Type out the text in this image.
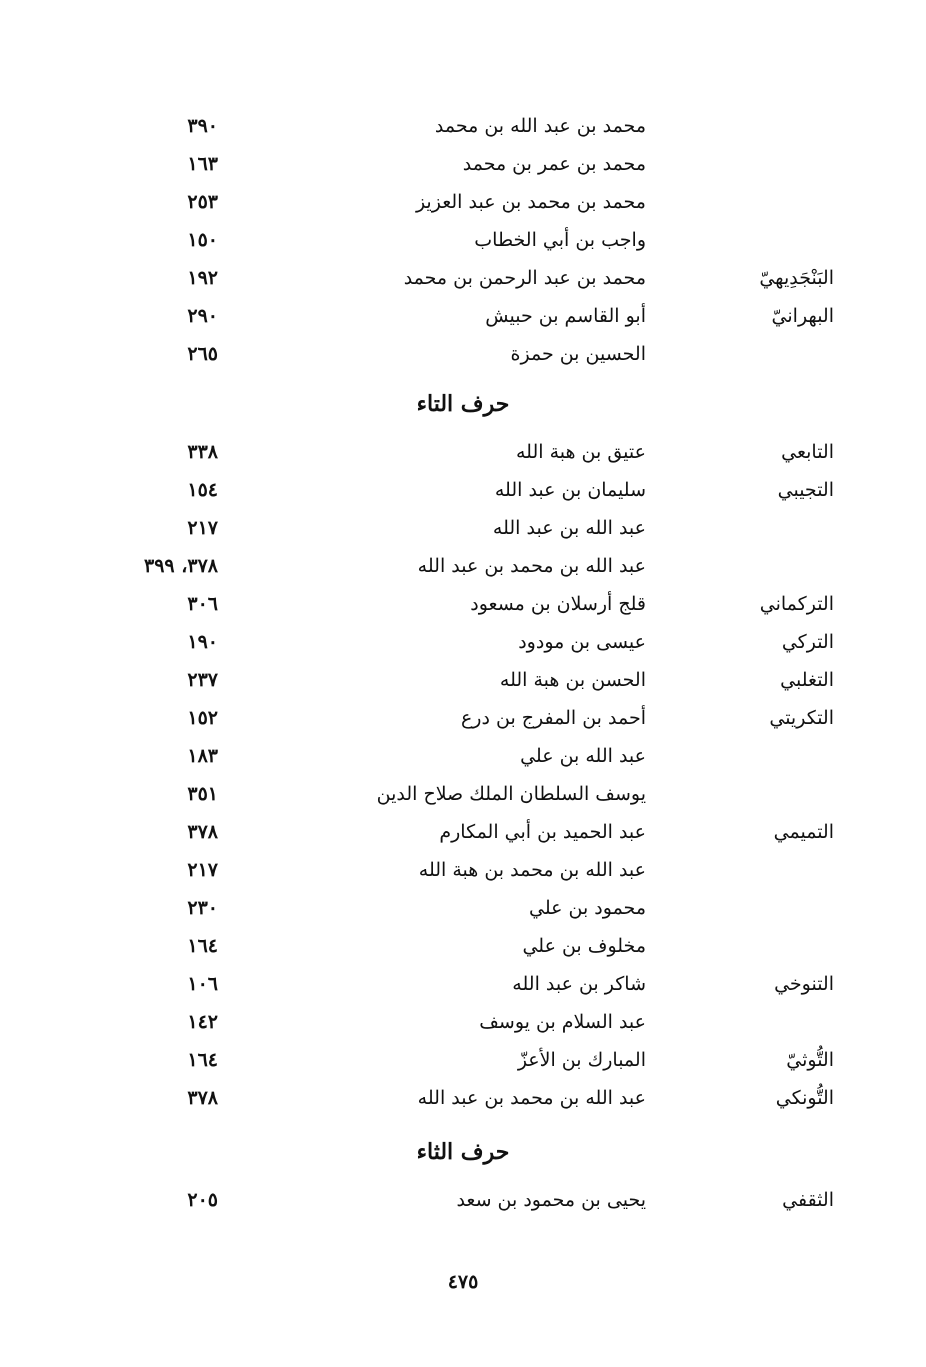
محمد بن عبد الله بن محمد
٣٩٠
محمد بن عمر بن محمد
١٦٣
محمد بن محمد بن عبد العزيز
٢٥٣
واجب بن أبي الخطاب
١٥٠
البَنْجَدِيهيّ
محمد بن عبد الرحمن بن محمد
١٩٢
البهرانيّ
أبو القاسم بن حبيش
٢٩٠
الحسين بن حمزة
٢٦٥
حرف التاء
التابعي
عتيق بن هبة الله
٣٣٨
التجيبي
سليمان بن عبد الله
١٥٤
عبد الله بن عبد الله
٢١٧
عبد الله بن محمد بن عبد الله
٣٧٨، ٣٩٩
التركماني
قلج أرسلان بن مسعود
٣٠٦
التركي
عيسى بن مودود
١٩٠
التغلبي
الحسن بن هبة الله
٢٣٧
التكريتي
أحمد بن المفرج بن درع
١٥٢
عبد الله بن علي
١٨٣
يوسف السلطان الملك صلاح الدين
٣٥١
التميمي
عبد الحميد بن أبي المكارم
٣٧٨
عبد الله بن محمد بن هبة الله
٢١٧
محمود بن علي
٢٣٠
مخلوف بن علي
١٦٤
التنوخي
شاكر بن عبد الله
١٠٦
عبد السلام بن يوسف
١٤٢
التُّوثيّ
المبارك بن الأعزّ
١٦٤
التُّونكي
عبد الله بن محمد بن عبد الله
٣٧٨
حرف الثاء
الثقفي
يحيى بن محمود بن سعد
٢٠٥
٤٧٥
